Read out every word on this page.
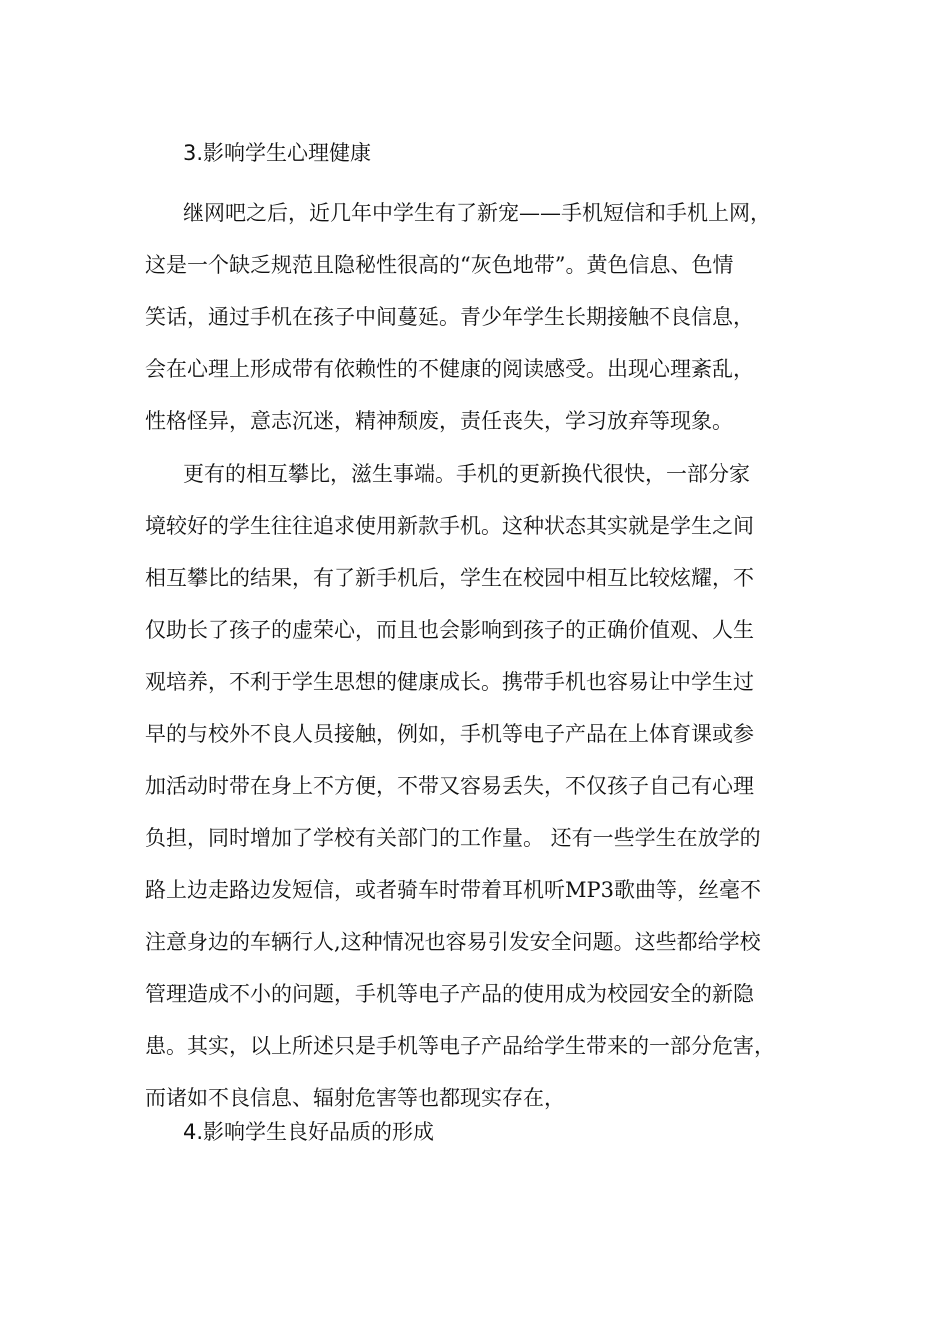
3.影响学生心理健康
继网吧之后，近几年中学生有了新宠——手机短信和手机上网，
这是一个缺乏规范且隐秘性很高的“灰色地带”。黄色信息、色情
笑话，通过手机在孩子中间蔓延。青少年学生长期接触不良信息，
会在心理上形成带有依赖性的不健康的阅读感受。出现心理紊乱，
性格怪异，意志沉迷，精神颓废，责任丧失，学习放弃等现象。
更有的相互攀比，滋生事端。手机的更新换代很快，一部分家
境较好的学生往往追求使用新款手机。这种状态其实就是学生之间
相互攀比的结果，有了新手机后，学生在校园中相互比较炫耀，不
仅助长了孩子的虚荣心，而且也会影响到孩子的正确价值观、人生
观培养，不利于学生思想的健康成长。携带手机也容易让中学生过
早的与校外不良人员接触，例如，手机等电子产品在上体育课或参
加活动时带在身上不方便，不带又容易丢失，不仅孩子自己有心理
负担，同时增加了学校有关部门的工作量。 还有一些学生在放学的
路上边走路边发短信，或者骑车时带着耳机听MP3歌曲等，丝毫不
注意身边的车辆行人,这种情况也容易引发安全问题。这些都给学校
管理造成不小的问题，手机等电子产品的使用成为校园安全的新隐
患。其实，以上所述只是手机等电子产品给学生带来的一部分危害，
而诸如不良信息、辐射危害等也都现实存在，
4.影响学生良好品质的形成
